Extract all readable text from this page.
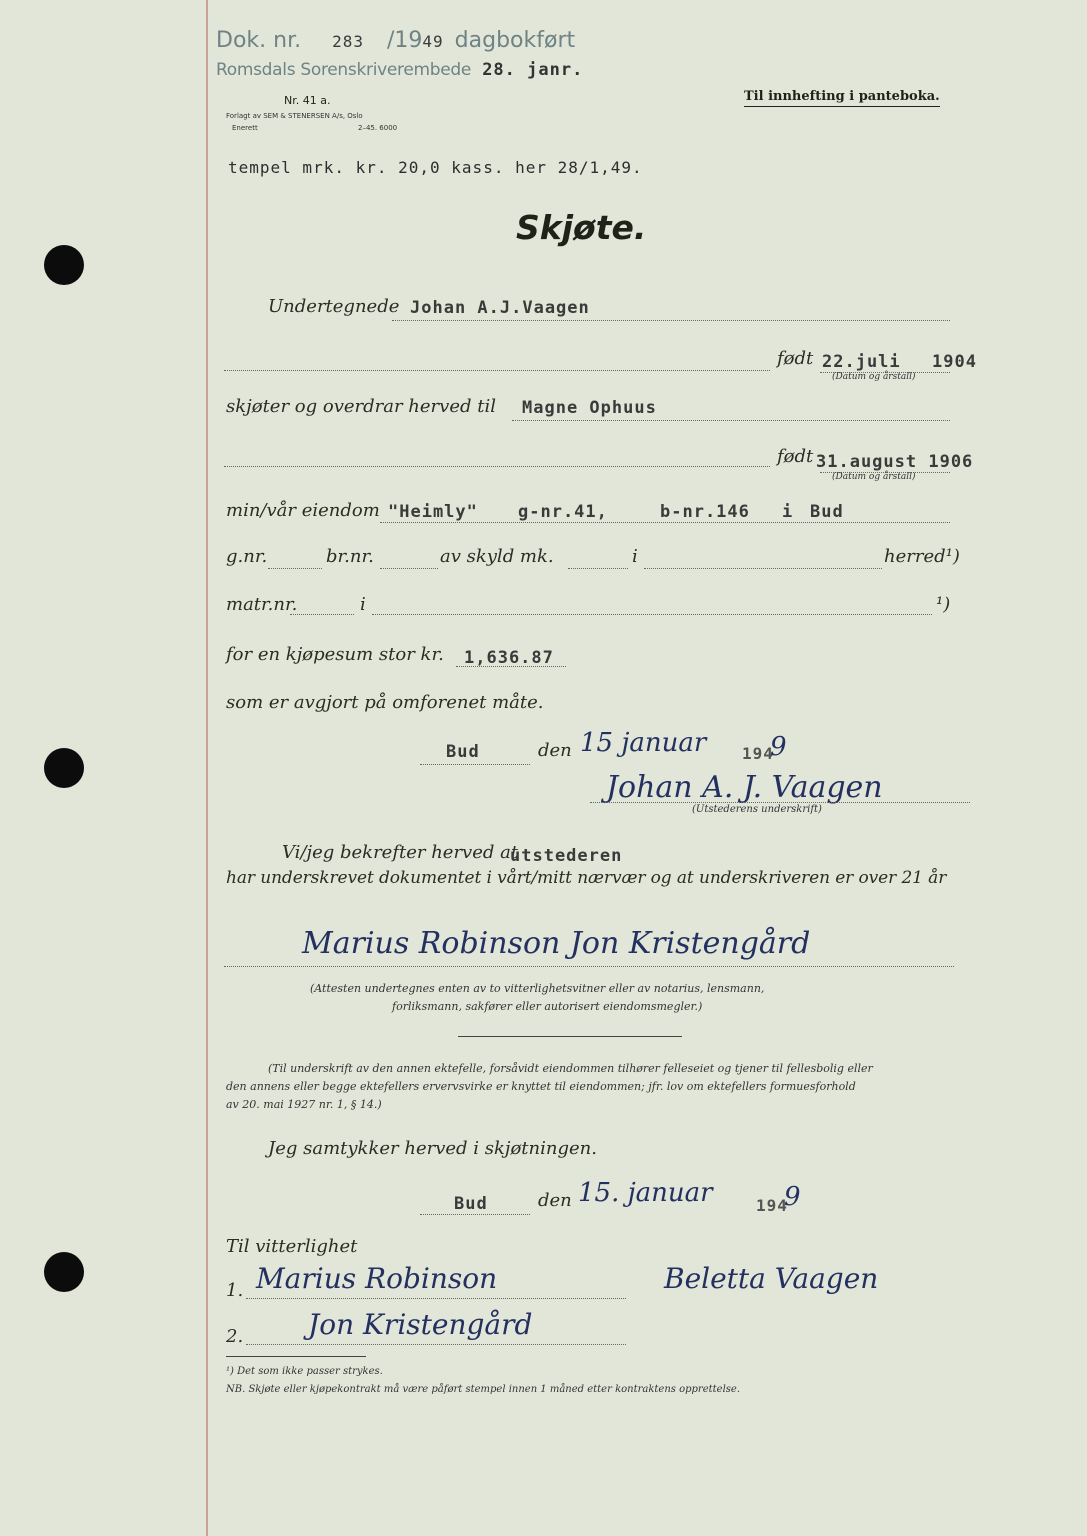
Dok. nr. 283 /1949 dagbokført
Romsdals Sorenskriverembede 28. janr.
Nr. 41 a.
Forlagt av SEM & STENERSEN A/s, Oslo
Enerett	2–45. 6000
Til innhefting i panteboka.
tempel mrk. kr. 20,0 kass. her 28/1,49.
Skjøte.
Undertegnede Johan A.J.Vaagen
født 22.juli 1904
(Datum og årstall)
skjøter og overdrar herved til Magne Ophuus
født 31.august 1906
(Datum og årstall)
min/vår eiendom "Heimly" g-nr.41,	b-nr.146 i Bud
g.nr.	br.nr.	av skyld mk.	i	herred¹)
matr.nr.	i	¹)
for en kjøpesum stor kr. 1,636.87
som er avgjort på omforenet måte.
Bud	den 15 januar 194
9
Johan A. J. Vaagen
(Utstederens underskrift)
Vi/jeg bekrefter herved at
utstederen
har underskrevet dokumentet i vårt/mitt nærvær og at underskriveren er over 21 år
Marius Robinson Jon Kristengård
(Attesten undertegnes enten av to vitterlighetsvitner eller av notarius, lensmann,
forliksmann, sakfører eller autorisert eiendomsmegler.)
(Til underskrift av den annen ektefelle, forsåvidt eiendommen tilhører felleseiet og tjener til fellesbolig eller
den annens eller begge ektefellers ervervsvirke er knyttet til eiendommen; jfr. lov om ektefellers formuesforhold
av 20. mai 1927 nr. 1, § 14.)
Jeg samtykker herved i skjøtningen.
Bud	den 15. januar	194
9
Til vitterlighet
1. Marius Robinson	Beletta Vaagen
2. Jon Kristengård
¹) Det som ikke passer strykes.
NB. Skjøte eller kjøpekontrakt må være påført stempel innen 1 måned etter kontraktens opprettelse.
